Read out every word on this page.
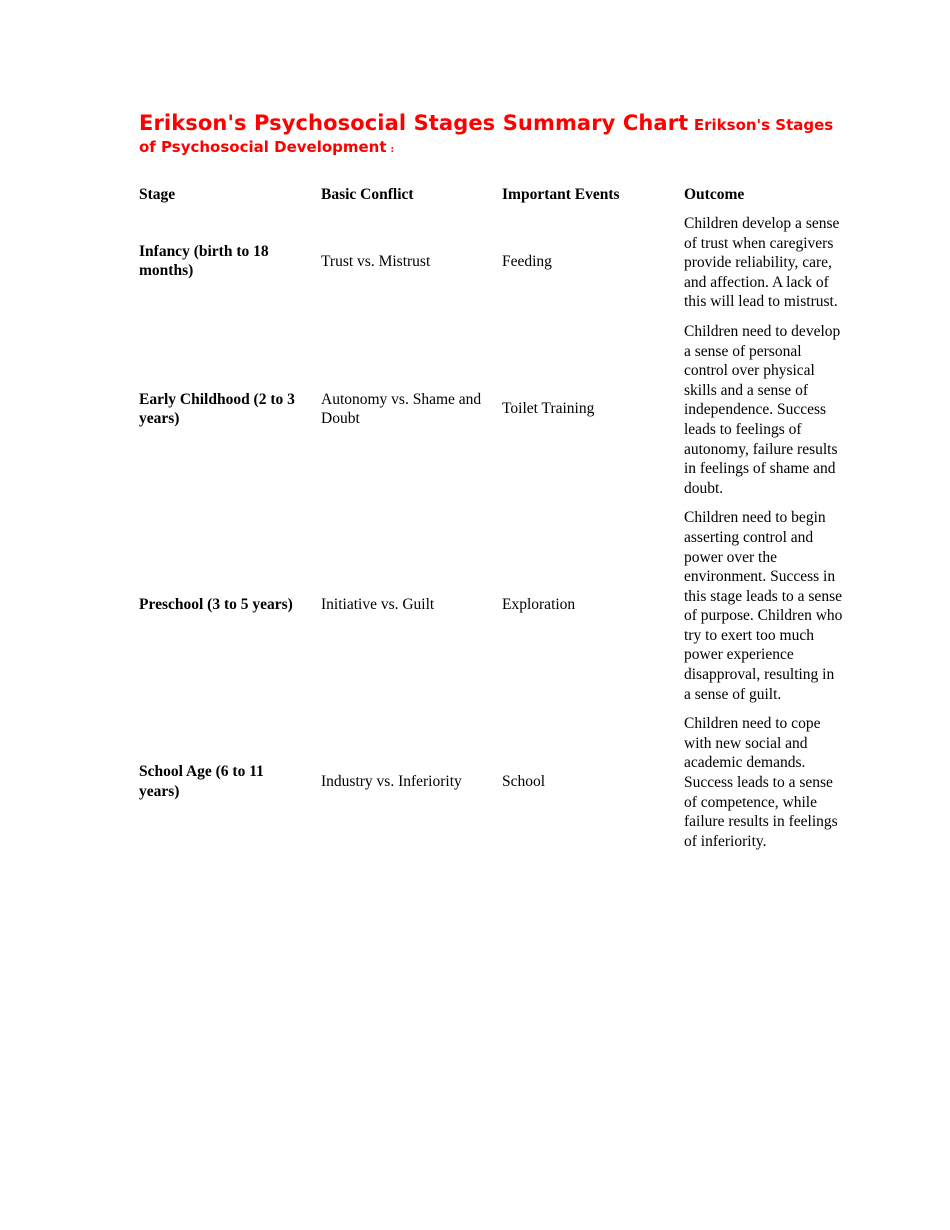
Erikson's Psychosocial Stages Summary Chart Erikson's Stages of Psychosocial Development :
Stage	Basic Conflict	Important Events	Outcome
Infancy (birth to 18 months)	Trust vs. Mistrust	Feeding	Children develop a sense of trust when caregivers provide reliability, care, and affection. A lack of this will lead to mistrust.
Early Childhood (2 to 3 years)	Autonomy vs. Shame and Doubt	Toilet Training	Children need to develop a sense of personal control over physical skills and a sense of independence. Success leads to feelings of autonomy, failure results in feelings of shame and doubt.
Preschool (3 to 5 years)	Initiative vs. Guilt	Exploration	Children need to begin asserting control and power over the environment. Success in this stage leads to a sense of purpose. Children who try to exert too much power experience disapproval, resulting in a sense of guilt.
School Age (6 to 11 years)	Industry vs. Inferiority	School	Children need to cope with new social and academic demands. Success leads to a sense of competence, while failure results in feelings of inferiority.
